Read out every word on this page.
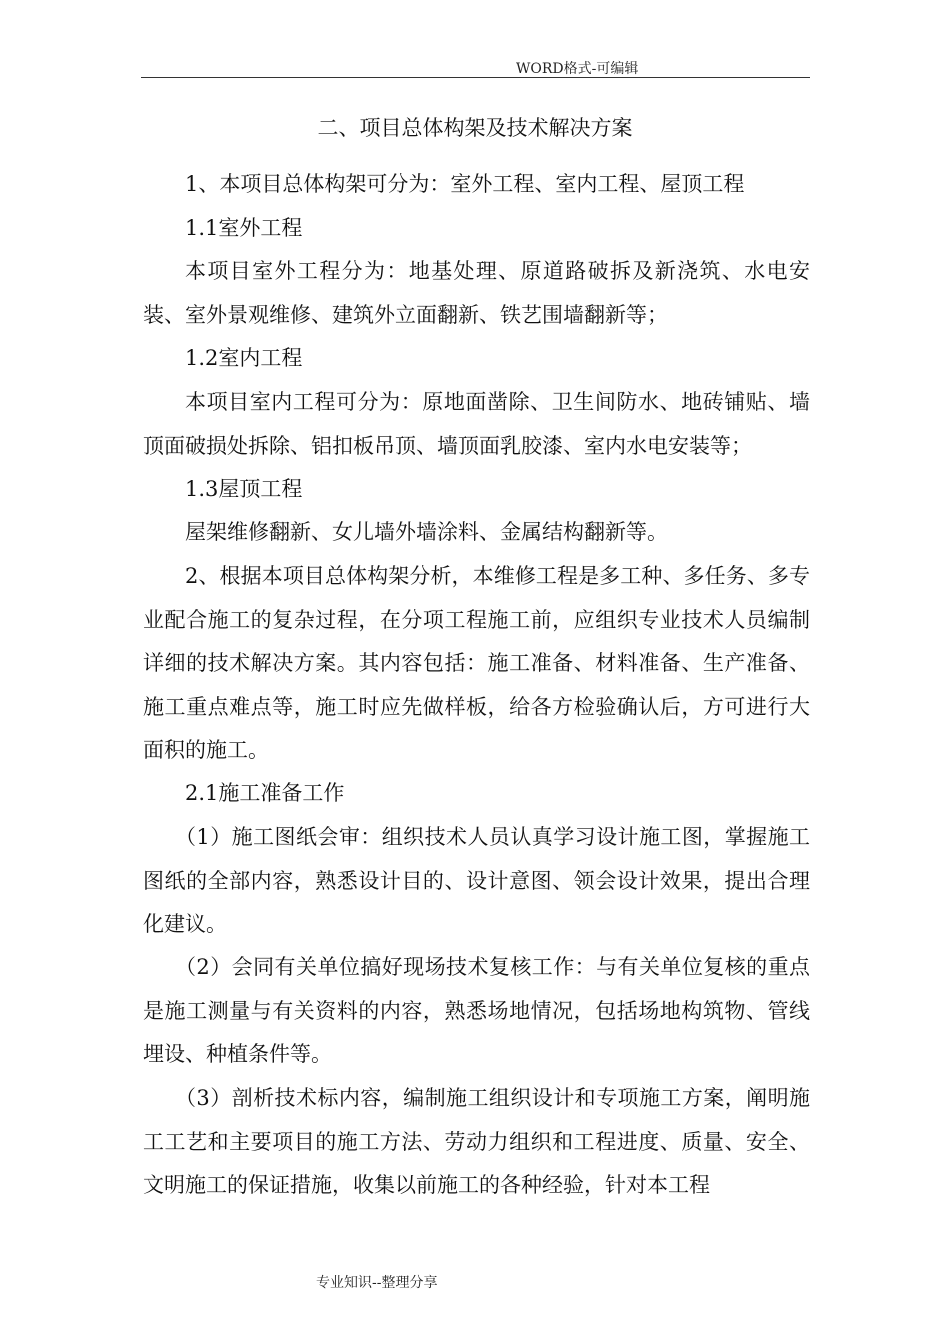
WORD格式-可编辑
二、项目总体构架及技术解决方案

1、本项目总体构架可分为：室外工程、室内工程、屋顶工程

1.1室外工程

本项目室外工程分为：地基处理、原道路破拆及新浇筑、水电安装、室外景观维修、建筑外立面翻新、铁艺围墙翻新等；

1.2室内工程

本项目室内工程可分为：原地面凿除、卫生间防水、地砖铺贴、墙顶面破损处拆除、铝扣板吊顶、墙顶面乳胶漆、室内水电安装等；

1.3屋顶工程

屋架维修翻新、女儿墙外墙涂料、金属结构翻新等。

2、根据本项目总体构架分析，本维修工程是多工种、多任务、多专业配合施工的复杂过程，在分项工程施工前，应组织专业技术人员编制详细的技术解决方案。其内容包括：施工准备、材料准备、生产准备、施工重点难点等，施工时应先做样板，给各方检验确认后，方可进行大面积的施工。

2.1施工准备工作

（1）施工图纸会审：组织技术人员认真学习设计施工图，掌握施工图纸的全部内容，熟悉设计目的、设计意图、领会设计效果，提出合理化建议。

（2）会同有关单位搞好现场技术复核工作：与有关单位复核的重点是施工测量与有关资料的内容，熟悉场地情况，包括场地构筑物、管线埋设、种植条件等。

（3）剖析技术标内容，编制施工组织设计和专项施工方案，阐明施工工艺和主要项目的施工方法、劳动力组织和工程进度、质量、安全、文明施工的保证措施，收集以前施工的各种经验，针对本工程

专业知识--整理分享
